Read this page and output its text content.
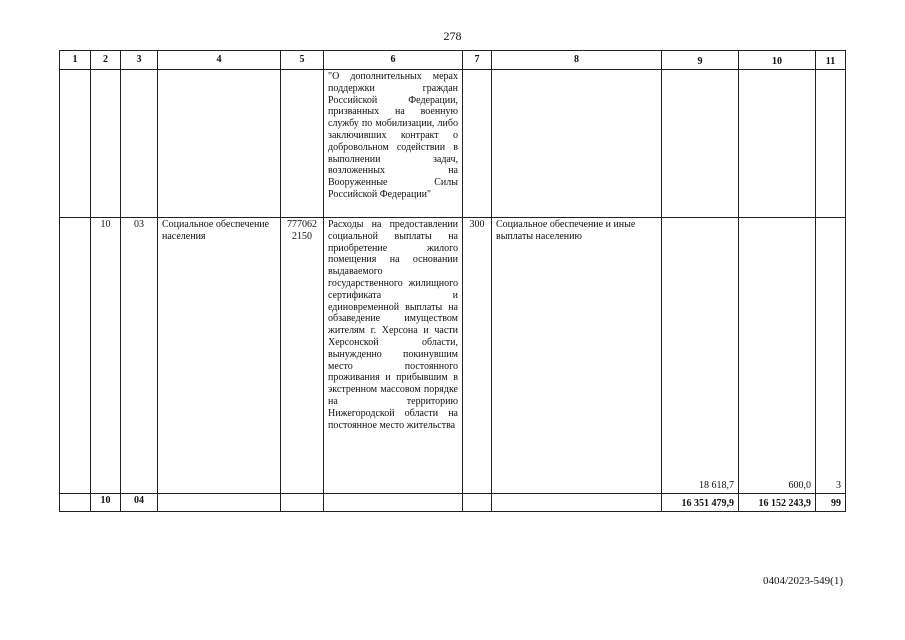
278
1	2	3	4	5	6	7	8	9	10	11
					"О дополнительных мерах поддержки граждан Российской Федерации, призванных на военную службу по мобилизации, либо заключивших контракт о добровольном содействии в выполнении задач, возложенных на Вооруженные Силы Российской Федерации"					
	10	03	Социальное обеспечение населения	777062 2150	Расходы на предоставлении социальной выплаты на приобретение жилого помещения на основании выдаваемого государственного жилищного сертификата и единовременной выплаты на обзаведение имуществом жителям г. Херсона и части Херсонской области, вынужденно покинувшим место постоянного проживания и прибывшим в экстренном массовом порядке на территорию Нижегородской области на постоянное место жительства	300	Социальное обеспечение и иные выплаты населению	18 618,7	600,0	3
	10	04						16 351 479,9	16 152 243,9	99
0404/2023-549(1)
